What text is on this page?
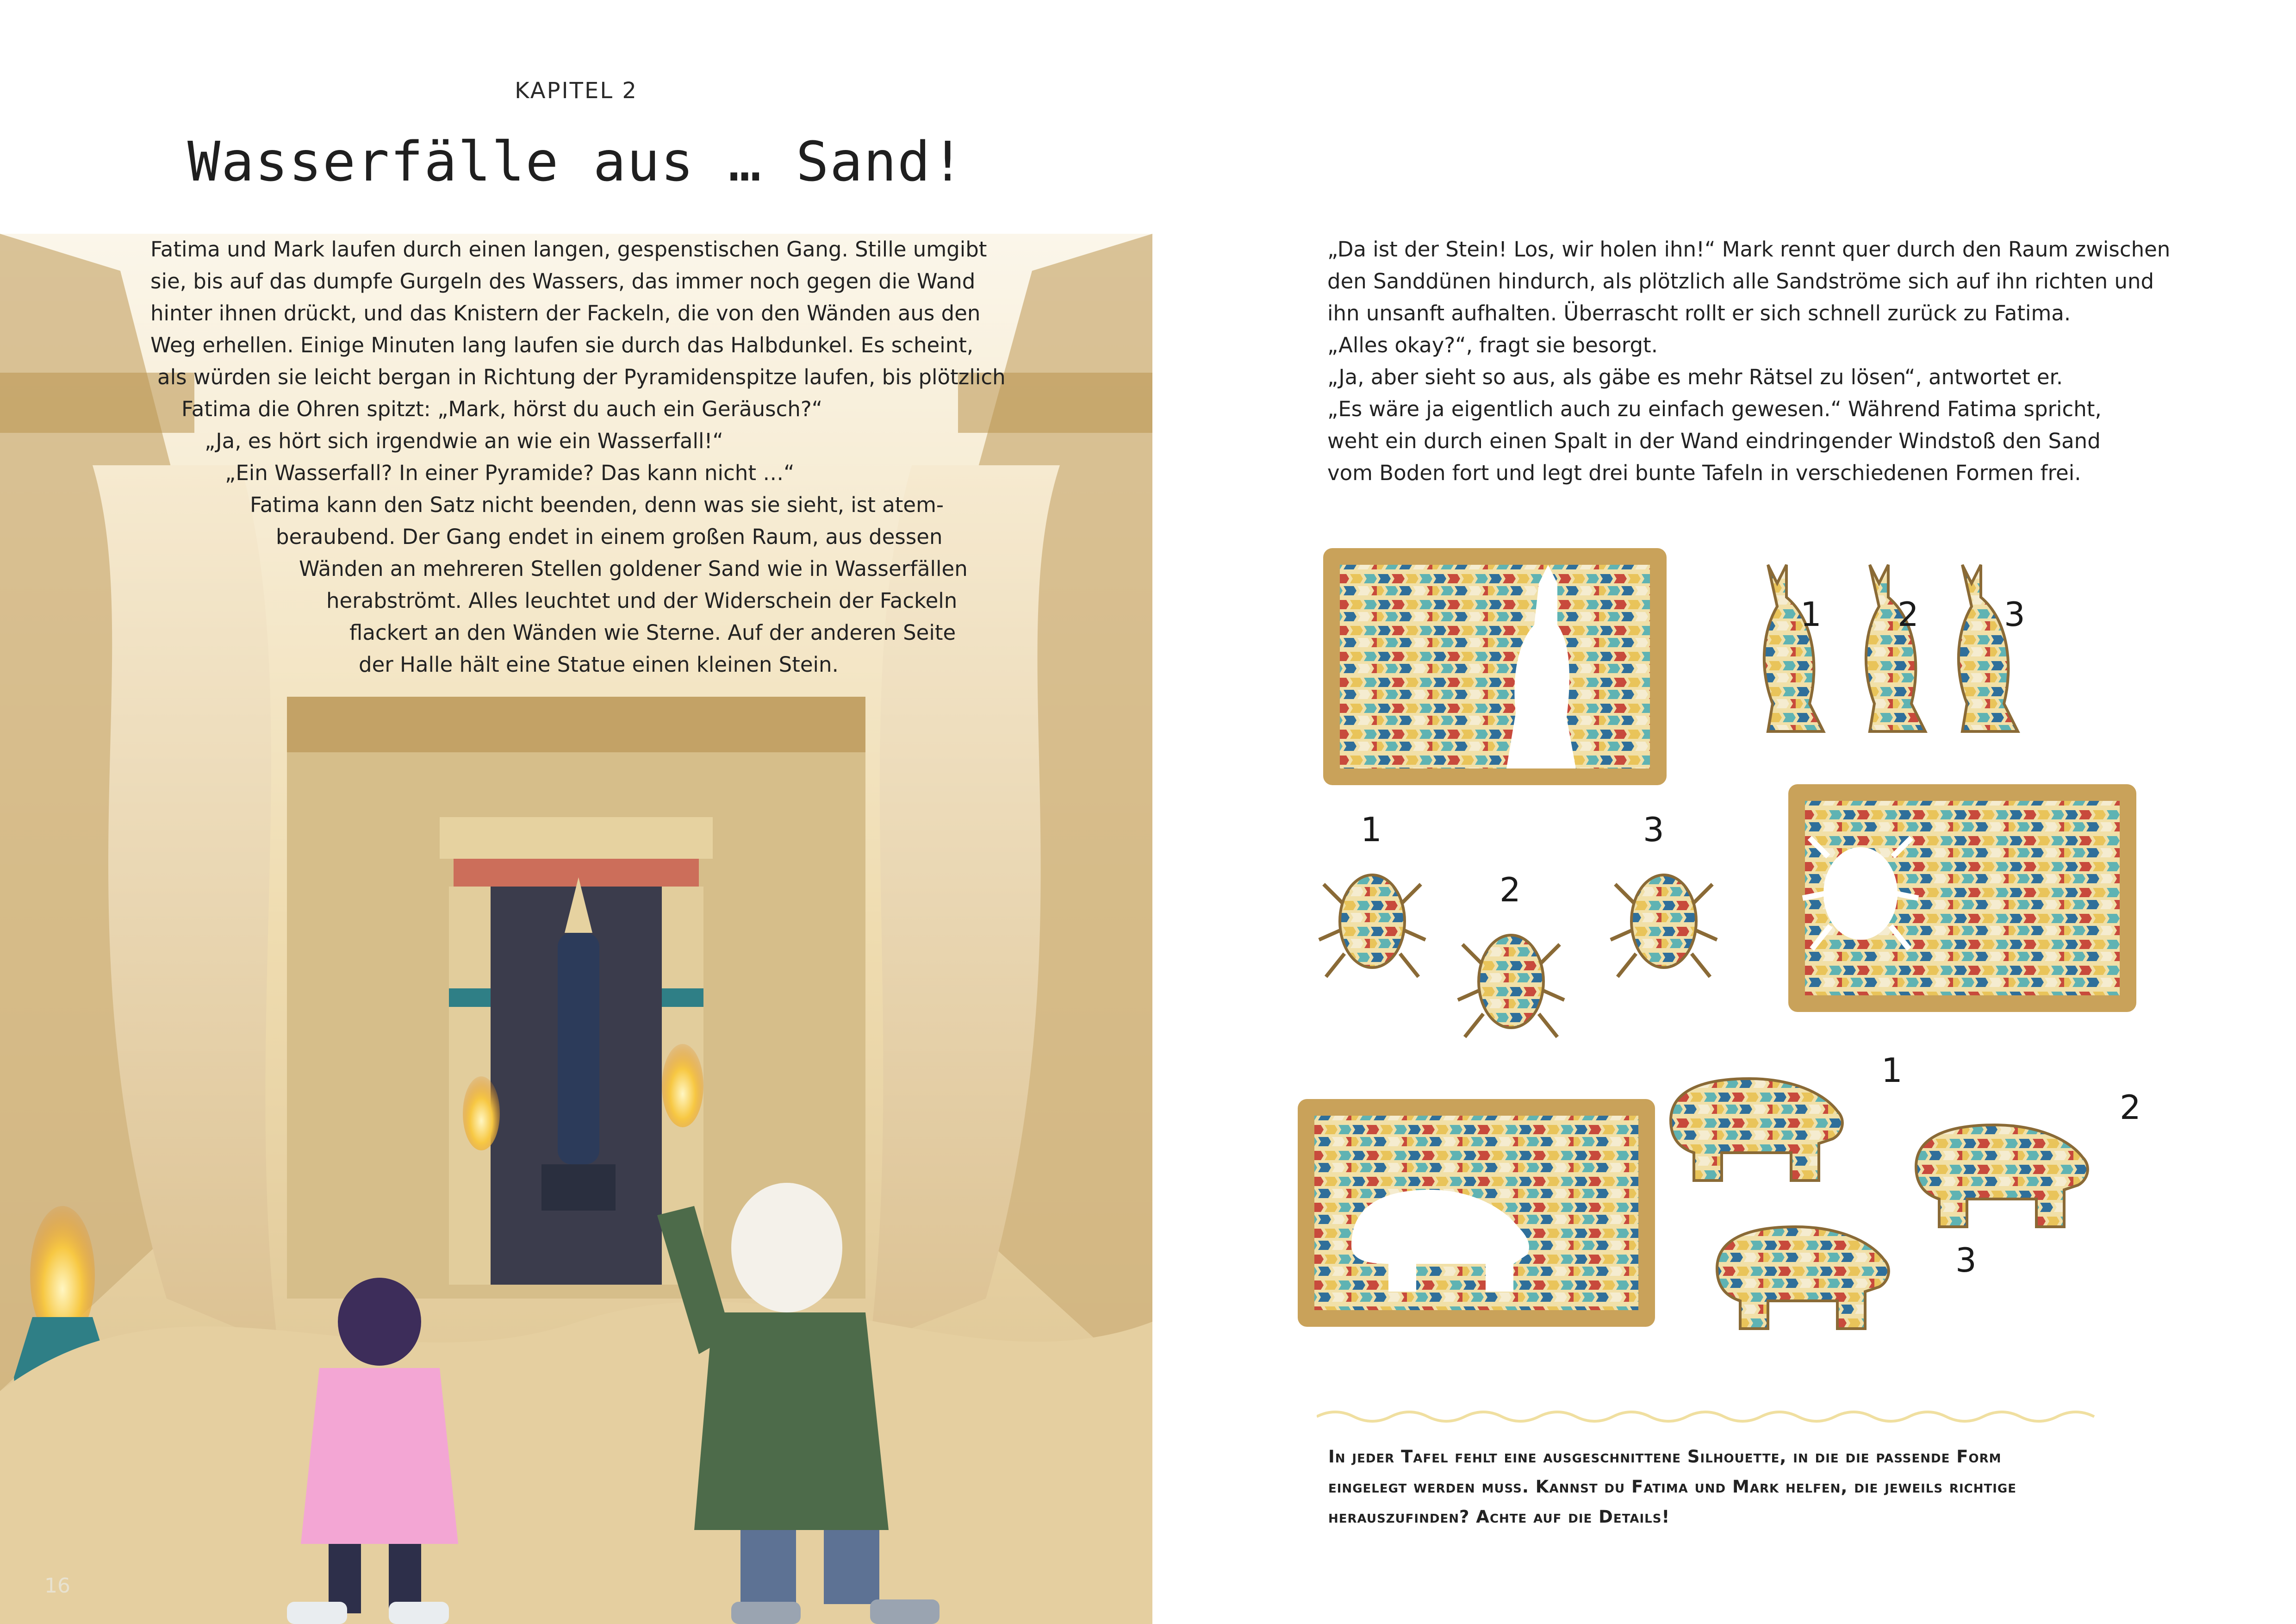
KAPITEL 2
Wasserfälle aus … Sand!
Fatima und Mark laufen durch einen langen, gespenstischen Gang. Stille umgibt
sie, bis auf das dumpfe Gurgeln des Wassers, das immer noch gegen die Wand
hinter ihnen drückt, und das Knistern der Fackeln, die von den Wänden aus den
Weg erhellen. Einige Minuten lang laufen sie durch das Halbdunkel. Es scheint,
als würden sie leicht bergan in Richtung der Pyramidenspitze laufen, bis plötzlich
Fatima die Ohren spitzt: „Mark, hörst du auch ein Geräusch?“
„Ja, es hört sich irgendwie an wie ein Wasserfall!“
„Ein Wasserfall? In einer Pyramide? Das kann nicht …“
Fatima kann den Satz nicht beenden, denn was sie sieht, ist atem-
beraubend. Der Gang endet in einem großen Raum, aus dessen
Wänden an mehreren Stellen goldener Sand wie in Wasserfällen
herabströmt. Alles leuchtet und der Widerschein der Fackeln
flackert an den Wänden wie Sterne. Auf der anderen Seite
der Halle hält eine Statue einen kleinen Stein.
16
„Da ist der Stein! Los, wir holen ihn!“ Mark rennt quer durch den Raum zwischen
den Sanddünen hindurch, als plötzlich alle Sandströme sich auf ihn richten und
ihn unsanft aufhalten. Überrascht rollt er sich schnell zurück zu Fatima.
„Alles okay?“, fragt sie besorgt.
„Ja, aber sieht so aus, als gäbe es mehr Rätsel zu lösen“, antwortet er.
„Es wäre ja eigentlich auch zu einfach gewesen.“ Während Fatima spricht,
weht ein durch einen Spalt in der Wand eindringender Windstoß den Sand
vom Boden fort und legt drei bunte Tafeln in verschiedenen Formen frei.
1 2	3
1
2
3
1
2
3
In jeder Tafel fehlt eine ausgeschnittene Silhouette, in die die passende Form
eingelegt werden muss. Kannst du Fatima und Mark helfen, die jeweils richtige
herauszufinden? Achte auf die Details!
